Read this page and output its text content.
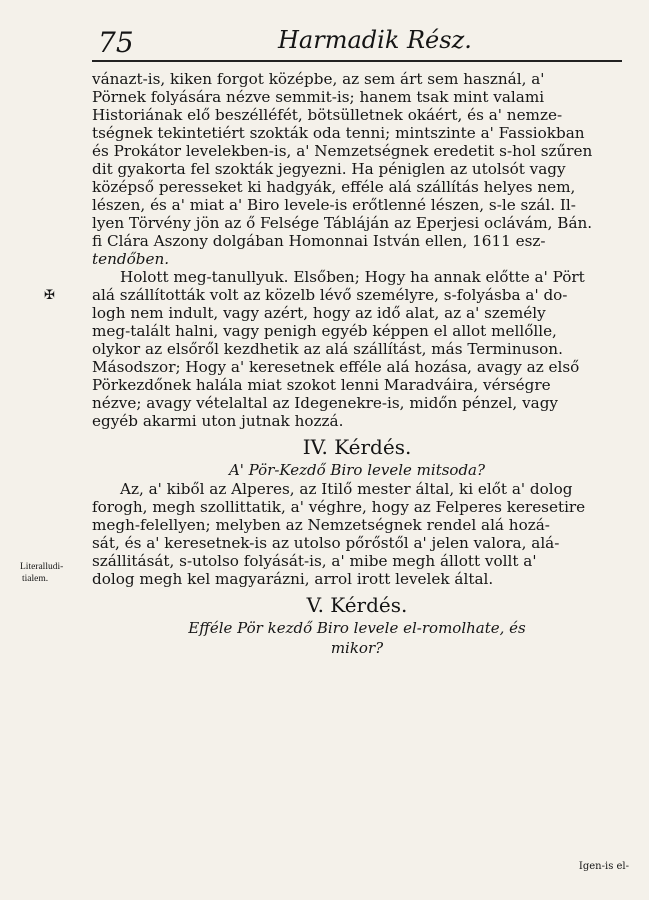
75	Harmadik Rész.
✠
Literalludi-
tialem.
vánazt-is, kiken forgot középbe, az sem árt sem használ, a'
Pörnek folyására nézve semmit-is; hanem tsak mint valami
Historiának elő beszélléfét, bötsülletnek okáért, és a' nemze-
tségnek tekintetiért szokták oda tenni; mintszinte a' Fassiokban
és Prokátor levelekben-is, a' Nemzetségnek eredetit s-hol szűren
dit gyakorta fel szokták jegyezni. Ha péniglen az utolsót vagy
középső peresseket ki hadgyák, efféle alá szállítás helyes nem,
lészen, és a' miat a' Biro levele-is erőtlenné lészen, s-le szál. Il-
lyen Törvény jön az ő Felsége Tábláján az Eperjesi oclávám, Bán.
fi Clára Aszony dolgában Homonnai István ellen, 1611 esz-
tendőben.
Holott meg-tanullyuk. Elsőben; Hogy ha annak előtte a' Pört
alá szállították volt az közelb lévő személyre, s-folyásba a' do-
logh nem indult, vagy azért, hogy az idő alat, az a' személy
meg-talált halni, vagy penigh egyéb képpen el allot mellőlle,
olykor az elsőről kezdhetik az alá szállítást, más Terminuson.
Másodszor; Hogy a' keresetnek efféle alá hozása, avagy az első
Pörkezdőnek halála miat szokot lenni Maradváira, vérségre
nézve; avagy vételaltal az Idegenekre-is, midőn pénzel, vagy
egyéb akarmi uton jutnak hozzá.
IV. Kérdés.
A' Pör-Kezdő Biro levele mitsoda?
Az, a' kiből az Alperes, az Itilő mester által, ki előt a' dolog
forogh, megh szollittatik, a' véghre, hogy az Felperes keresetire
megh-felellyen; melyben az Nemzetségnek rendel alá hozá-
sát, és a' keresetnek-is az utolso pőrőstől a' jelen valora, alá-
szállitását, s-utolso folyását-is, a' mibe megh állott vollt a'
dolog megh kel magyarázni, arrol irott levelek által.
V. Kérdés.
Efféle Pör kezdő Biro levele el-romolhate, és
mikor?
Igen-is el-
